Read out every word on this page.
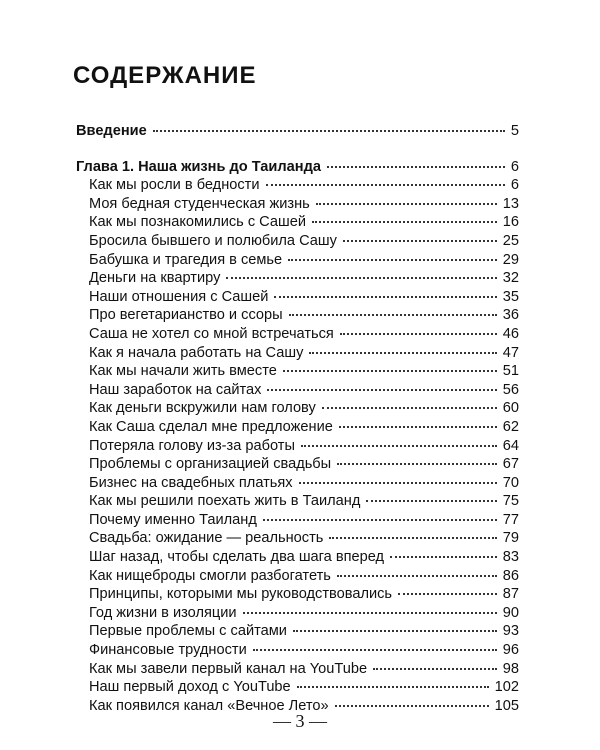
СОДЕРЖАНИЕ
Введение	5
Глава 1. Наша жизнь до Таиланда	6
Как мы росли в бедности	6
Моя бедная студенческая жизнь	13
Как мы познакомились с Сашей	16
Бросила бывшего и полюбила Сашу	25
Бабушка и трагедия в семье	29
Деньги на квартиру	32
Наши отношения с Сашей	35
Про вегетарианство и ссоры	36
Саша не хотел со мной встречаться	46
Как я начала работать на Сашу	47
Как мы начали жить вместе	51
Наш заработок на сайтах	56
Как деньги вскружили нам голову	60
Как Саша сделал мне предложение	62
Потеряла голову из-за работы	64
Проблемы с организацией свадьбы	67
Бизнес на свадебных платьях	70
Как мы решили поехать жить в Таиланд	75
Почему именно Таиланд	77
Свадьба: ожидание — реальность	79
Шаг назад, чтобы сделать два шага вперед	83
Как нищеброды смогли разбогатеть	86
Принципы, которыми мы руководствовались	87
Год жизни в изоляции	90
Первые проблемы с сайтами	93
Финансовые трудности	96
Как мы завели первый канал на YouTube	98
Наш первый доход с YouTube	102
Как появился канал «Вечное Лето»	105
— 3 —
